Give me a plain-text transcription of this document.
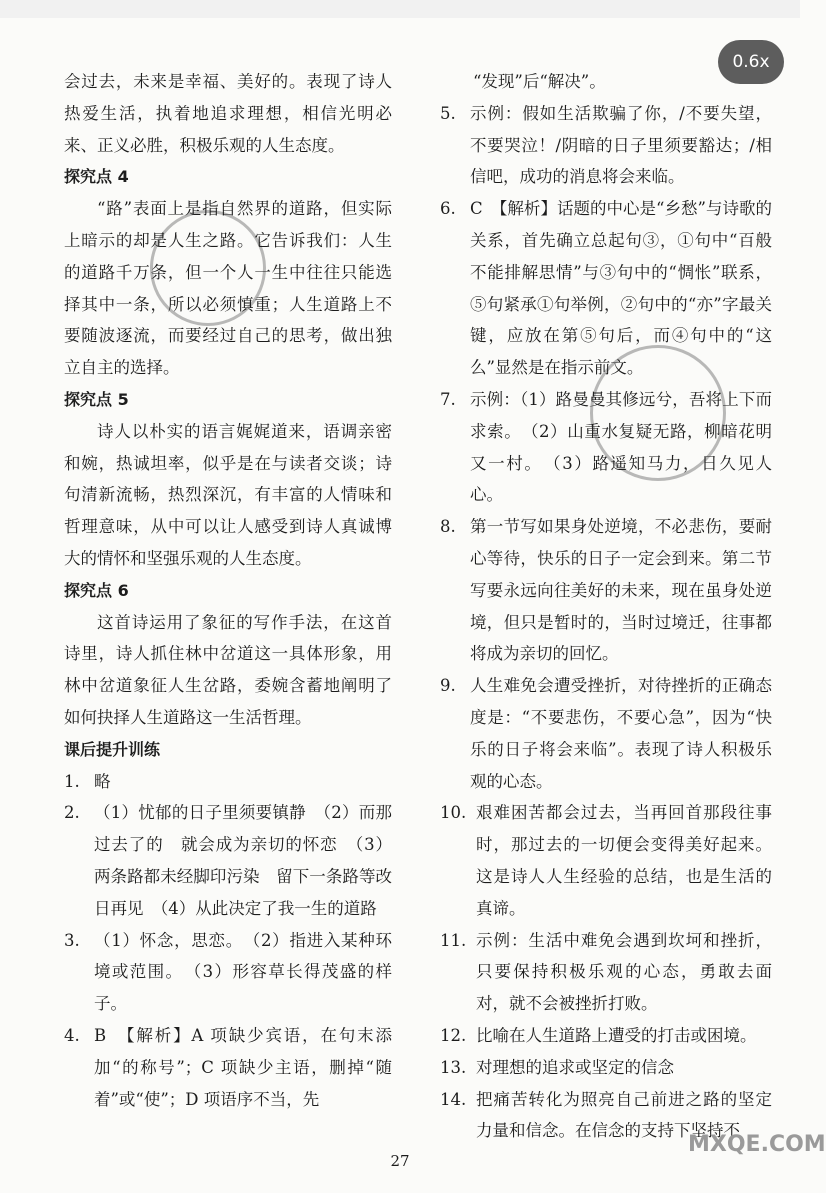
0.6x

会过去，未来是幸福、美好的。表现了诗人热爱生活，执着地追求理想，相信光明必来、正义必胜，积极乐观的人生态度。

探究点 4

“路”表面上是指自然界的道路，但实际上暗示的却是人生之路。它告诉我们：人生的道路千万条，但一个人一生中往往只能选择其中一条，所以必须慎重；人生道路上不要随波逐流，而要经过自己的思考，做出独立自主的选择。

探究点 5

诗人以朴实的语言娓娓道来，语调亲密和婉，热诚坦率，似乎是在与读者交谈；诗句清新流畅，热烈深沉，有丰富的人情味和哲理意味，从中可以让人感受到诗人真诚博大的情怀和坚强乐观的人生态度。

探究点 6

这首诗运用了象征的写作手法，在这首诗里，诗人抓住林中岔道这一具体形象，用林中岔道象征人生岔路，委婉含蓄地阐明了如何抉择人生道路这一生活哲理。

课后提升训练

1. 略
2. （1）忧郁的日子里须要镇静　（2）而那过去了的　就会成为亲切的怀恋　（3）两条路都未经脚印污染　留下一条路等改日再见　（4）从此决定了我一生的道路
3. （1）怀念，思恋。　（2）指进入某种环境或范围。　（3）形容草长得茂盛的样子。
4. B　【解析】A 项缺少宾语，在句末添加“的称号”；C 项缺少主语，删掉“随着”或“使”；D 项语序不当，先

“发现”后“解决”。

5. 示例：假如生活欺骗了你，/不要失望，不要哭泣！/阴暗的日子里须要豁达；/相信吧，成功的消息将会来临。
6. C　【解析】话题的中心是“乡愁”与诗歌的关系，首先确立总起句③，①句中“百般不能排解思情”与③句中的“惆怅”联系，⑤句紧承①句举例，②句中的“亦”字最关键，应放在第⑤句后，而④句中的“这么”显然是在指示前文。
7. 示例：（1）路曼曼其修远兮，吾将上下而求索。　（2）山重水复疑无路，柳暗花明又一村。　（3）路遥知马力，日久见人心。
8. 第一节写如果身处逆境，不必悲伤，要耐心等待，快乐的日子一定会到来。第二节写要永远向往美好的未来，现在虽身处逆境，但只是暂时的，当时过境迁，往事都将成为亲切的回忆。
9. 人生难免会遭受挫折，对待挫折的正确态度是：“不要悲伤，不要心急”，因为“快乐的日子将会来临”。表现了诗人积极乐观的心态。
10. 艰难困苦都会过去，当再回首那段往事时，那过去的一切便会变得美好起来。这是诗人人生经验的总结，也是生活的真谛。
11. 示例：生活中难免会遇到坎坷和挫折，只要保持积极乐观的心态，勇敢去面对，就不会被挫折打败。
12. 比喻在人生道路上遭受的打击或困境。
13. 对理想的追求或坚定的信念
14. 把痛苦转化为照亮自己前进之路的坚定力量和信念。在信念的支持下坚持不
27
MXQE.COM
